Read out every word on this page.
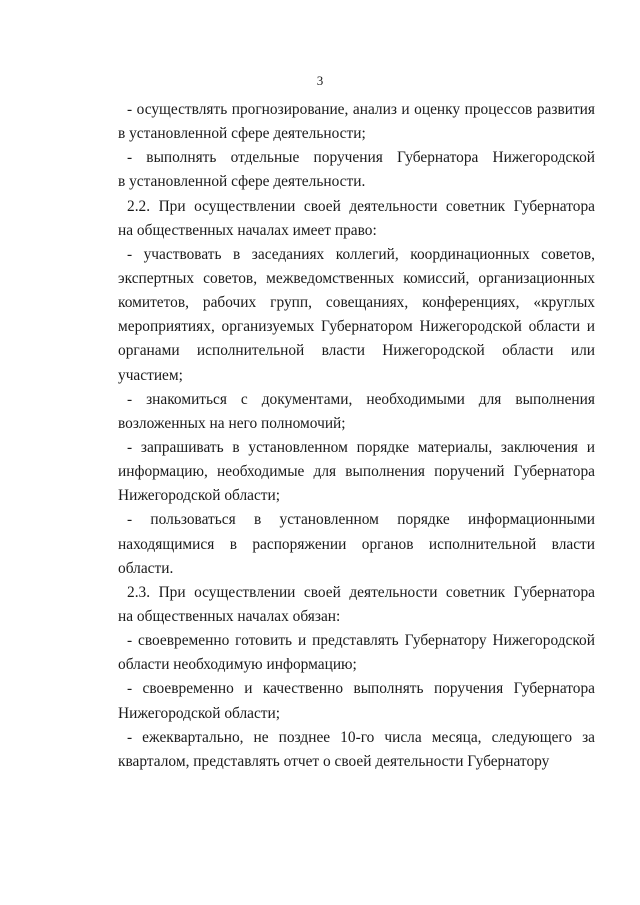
3
- осуществлять прогнозирование, анализ и оценку процессов развития
в установленной сфере деятельности;
- выполнять отдельные поручения Губернатора Нижегородской
в установленной сфере деятельности.
2.2. При осуществлении своей деятельности советник Губернатора
на общественных началах имеет право:
- участвовать в заседаниях коллегий, координационных советов,
экспертных советов, межведомственных комиссий, организационных
комитетов, рабочих групп, совещаниях, конференциях, «круглых
мероприятиях, организуемых Губернатором Нижегородской области и
органами исполнительной власти Нижегородской области или
участием;
- знакомиться с документами, необходимыми для выполнения
возложенных на него полномочий;
- запрашивать в установленном порядке материалы, заключения и
информацию, необходимые для выполнения поручений Губернатора
Нижегородской области;
- пользоваться в установленном порядке информационными
находящимися в распоряжении органов исполнительной власти
области.
2.3. При осуществлении своей деятельности советник Губернатора
на общественных началах обязан:
- своевременно готовить и представлять Губернатору Нижегородской
области необходимую информацию;
- своевременно и качественно выполнять поручения Губернатора
Нижегородской области;
- ежеквартально, не позднее 10-го числа месяца, следующего за
кварталом, представлять отчет о своей деятельности Губернатору
